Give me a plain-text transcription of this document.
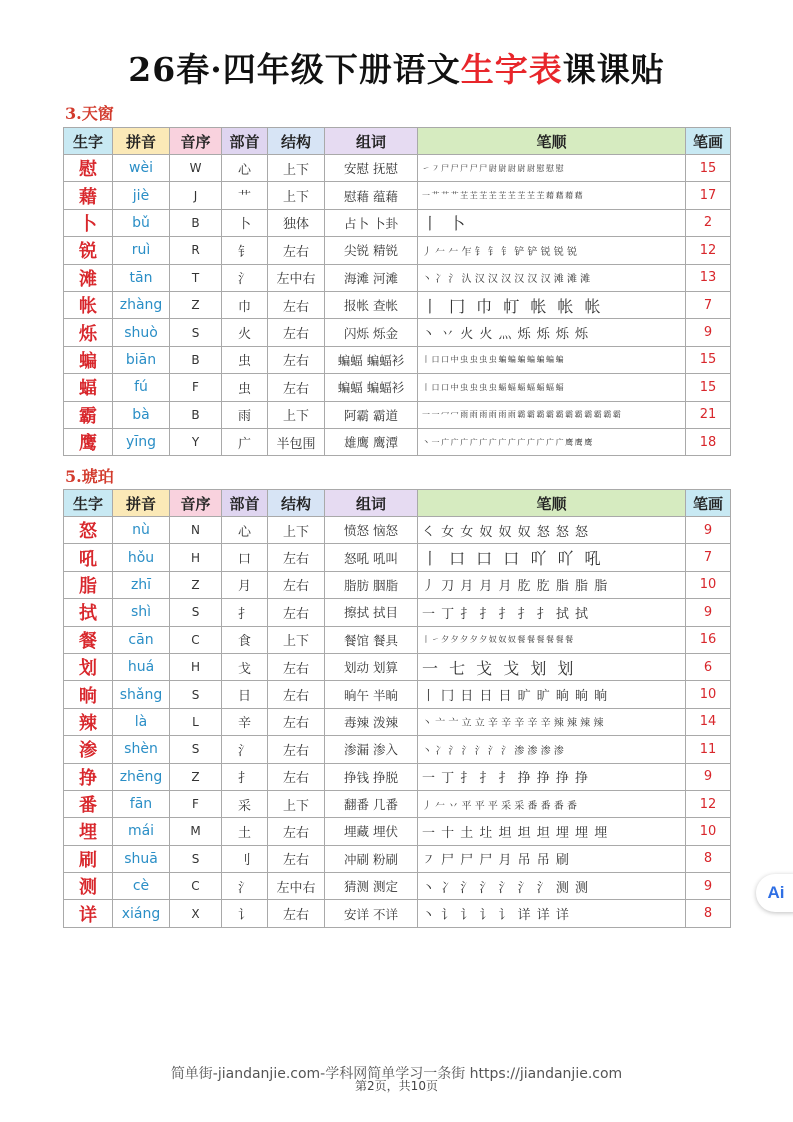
26春·四年级下册语文生字表课课贴
3.天窗
生字	拼音	音序	部首	结构	组词	笔顺	笔画
慰	wèi	W	心	上下	安慰 抚慰	㇀ ㇇ 尸 尸 尸 尸 尸 尉 尉 尉 尉 尉 慰 慰 慰	15
藉	jiè	J	艹	上下	慰藉 蕴藉	一 艹 艹 艹 芏 芏 芏 芏 芏 芏 芏 芏 芏 藉 藉 藉 藉	17
卜	bǔ	B	卜	独体	占卜 卜卦	丨 卜	2
锐	ruì	R	钅	左右	尖锐 精锐	丿 𠂉 𠂉 乍 钅 钅 钅 铲 铲 锐 锐 锐	12
滩	tān	T	氵	左中右	海滩 河滩	丶 冫 氵 汄 汉 汉 汉 汉 汉 汉 滩 滩 滩	13
帐	zhàng	Z	巾	左右	报帐 查帐	丨 冂 巾 帄 帐 帐 帐	7
烁	shuò	S	火	左右	闪烁 烁金	丶 丷 火 火 灬 烁 烁 烁 烁	9
蝙	biān	B	虫	左右	蝙蝠 蝙蝠衫	丨 口 口 中 虫 虫 虫 虫 蝙 蝙 蝙 蝙 蝙 蝙 蝙	15
蝠	fú	F	虫	左右	蝙蝠 蝙蝠衫	丨 口 口 中 虫 虫 虫 虫 蝠 蝠 蝠 蝠 蝠 蝠 蝠	15
霸	bà	B	雨	上下	阿霸 霸道	一 一 冖 冖 雨 雨 雨 雨 雨 雨 霸 霸 霸 霸 霸 霸 霸 霸 霸 霸 霸	21
鹰	yīng	Y	广	半包围	雄鹰 鹰潭	丶 一 广 广 广 广 广 广 广 广 广 广 广 广 广 鹰 鹰 鹰	18
5.琥珀
生字	拼音	音序	部首	结构	组词	笔顺	笔画
怒	nù	N	心	上下	愤怒 恼怒	㇛ 女 女 奴 奴 奴 怒 怒 怒	9
吼	hǒu	H	口	左右	怒吼 吼叫	丨 口 口 口 吖 吖 吼	7
脂	zhī	Z	月	左右	脂肪 胭脂	丿 刀 月 月 月 肐 肐 脂 脂 脂	10
拭	shì	S	扌	左右	擦拭 拭目	一 丁 扌 扌 扌 扌 扌 拭 拭	9
餐	cān	C	食	上下	餐馆 餐具	丨 ㇀ 夕 夕 夕 夕 夕 奴 奴 奴 餐 餐 餐 餐 餐 餐	16
划	huá	H	戈	左右	划动 划算	一 七 戈 戈 划 划	6
晌	shǎng	S	日	左右	晌午 半晌	丨 冂 日 日 日 旷 旷 晌 晌 晌	10
辣	là	L	辛	左右	毒辣 泼辣	丶 亠 亠 立 立 辛 辛 辛 辛 辛 辣 辣 辣 辣	14
渗	shèn	S	氵	左右	渗漏 渗入	丶 冫 氵 氵 氵 氵 氵 渗 渗 渗 渗	11
挣	zhēng	Z	扌	左右	挣钱 挣脱	一 丁 扌 扌 扌 挣 挣 挣 挣	9
番	fān	F	采	上下	翻番 几番	丿 𠂉 丷 平 平 平 采 采 番 番 番 番	12
埋	mái	M	土	左右	埋藏 埋伏	一 十 土 圵 坦 坦 坦 埋 埋 埋	10
刷	shuā	S	刂	左右	冲刷 粉刷	㇇ 尸 尸 尸 月 吊 吊 刷	8
测	cè	C	氵	左中右	猜测 测定	丶 冫 氵 氵 氵 氵 氵 测 测	9
详	xiáng	X	讠	左右	安详 不详	丶 讠 讠 讠 讠 详 详 详	8
简单街-jiandanjie.com-学科网简单学习一条街 https://jiandanjie.com
第2页，共10页
Ai
